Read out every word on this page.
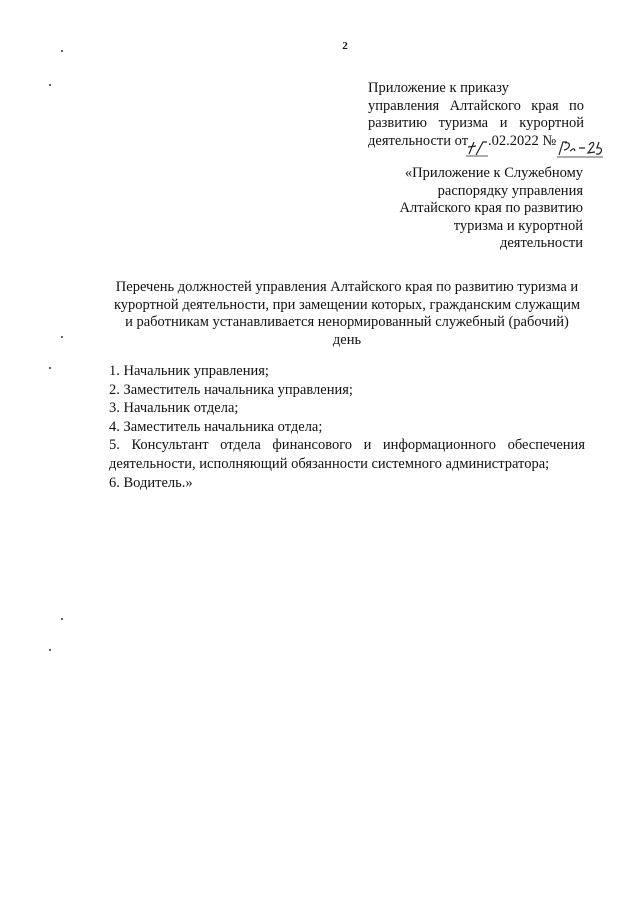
2
Приложение к приказу
управления Алтайского края по
развитию туризма и курортной
деятельности от .02.2022 №
«Приложение к Служебному
распорядку управления
Алтайского края по развитию
туризма и курортной
деятельности
Перечень должностей управления Алтайского края по развитию туризма и
курортной деятельности, при замещении которых, гражданским служащим
и работникам устанавливается ненормированный служебный (рабочий)
день
1. Начальник управления;
2. Заместитель начальника управления;
3. Начальник отдела;
4. Заместитель начальника отдела;
5. Консультант отдела финансового и информационного обеспечения
деятельности, исполняющий обязанности системного администратора;
6. Водитель.»
